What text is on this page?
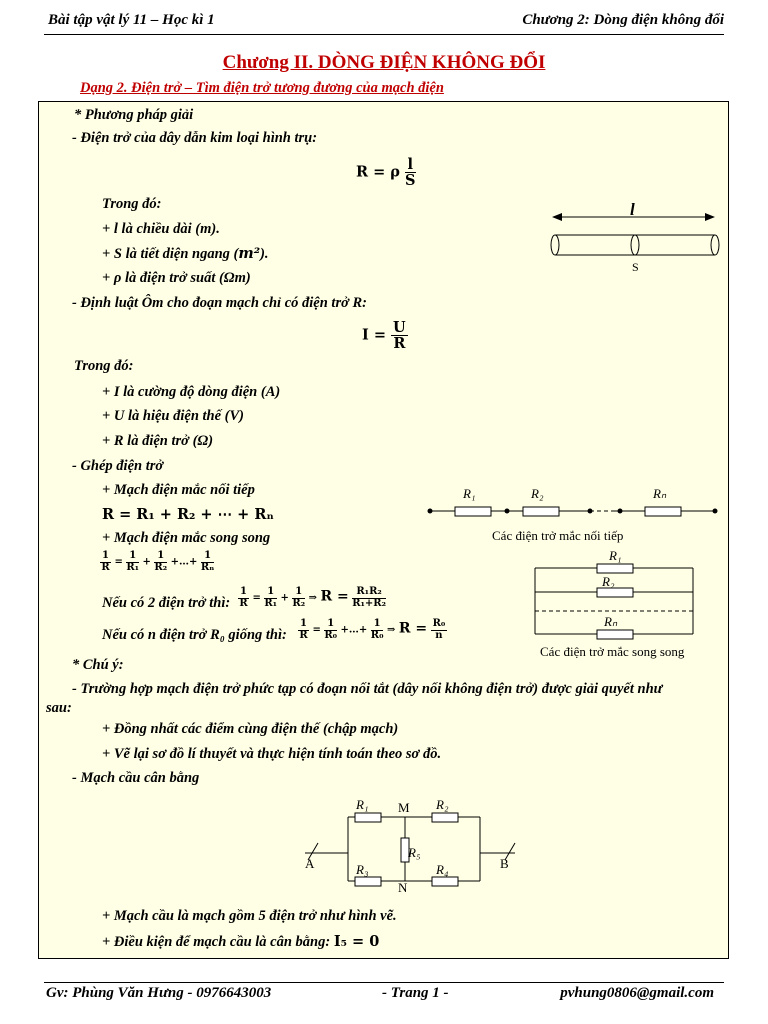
Bài tập vật lý 11 – Học kì 1	Chương 2: Dòng điện không đổi
Chương II. DÒNG ĐIỆN KHÔNG ĐỔI
Dạng 2. Điện trở – Tìm điện trở tương đương của mạch điện
* Phương pháp giải
- Điện trở của dây dẫn kim loại hình trụ:
R = ρ $\frac{l}{S}$
Trong đó:
+ l là chiều dài (m).
+ S là tiết diện ngang (m²).
+ ρ là điện trở suất (Ωm)
- Định luật Ôm cho đoạn mạch chỉ có điện trở R:
$I = \frac{U}{R}$
Trong đó:
+ I là cường độ dòng điện (A)
+ U là hiệu điện thế (V)
+ R là điện trở (Ω)
- Ghép điện trở
+ Mạch điện mắc nối tiếp
R = R₁ + R₂ + ⋯ + Rₙ
+ Mạch điện mắc song song
$\frac{1}{R} = \frac{1}{\text{R₁}} + \frac{1}{\text{R₂}}$ +…+ $\frac{1}{\text{Rₙ}}$
Nếu có 2 điện trở thì: $\frac{1}{R} = \frac{1}{\text{R₁}} + \frac{1}{\text{R₂}}$ ⇒ $R = \frac{\text{R₁R₂}}{\text{R₁+R₂}}$
Nếu có n điện trở R₀ giống thì: $\frac{1}{R} = \frac{1}{\text{R₀}}$ +…+ $\frac{1}{\text{R₀}}$ ⇒ $R = \frac{\text{R₀}}{n}$
* Chú ý:
- Trường hợp mạch điện trở phức tạp có đoạn nối tắt (dây nối không điện trở) được giải quyết như
sau:
+ Đồng nhất các điểm cùng điện thế (chập mạch)
+ Vẽ lại sơ đồ lí thuyết và thực hiện tính toán theo sơ đồ.
- Mạch cầu cân bằng
+ Mạch cầu là mạch gồm 5 điện trở như hình vẽ.
+ Điều kiện để mạch cầu là cân bằng: I₅ = 0
l
S
R₁	R₂	Rₙ
Các điện trở mắc nối tiếp
R₁
R₂
Rₙ
Các điện trở mắc song song
R₁ M R₂
R₅
A	B
R₃	R₄
N
Gv: Phùng Văn Hưng - 0976643003	- Trang 1 -	pvhung0806@gmail.com
